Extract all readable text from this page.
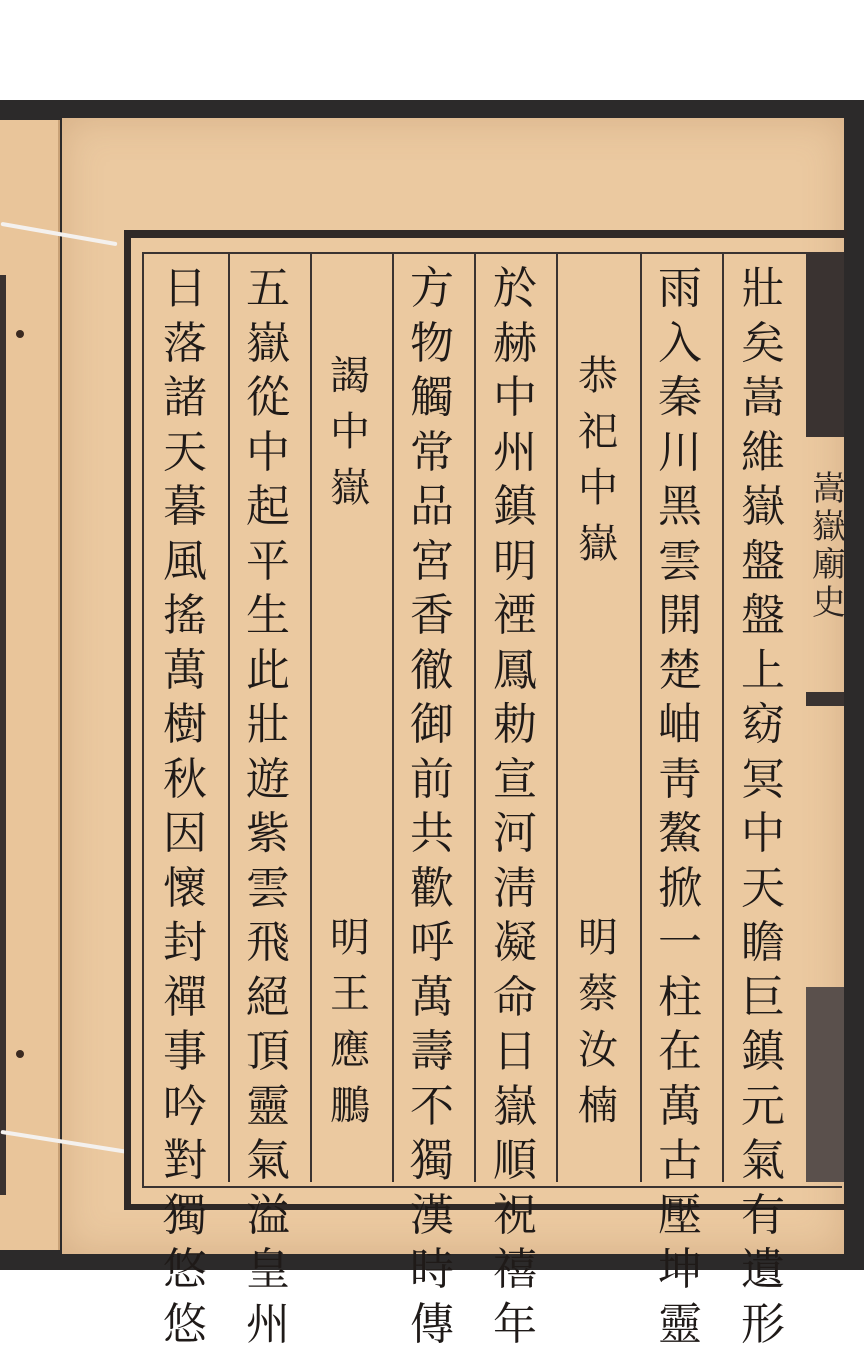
嵩嶽廟史
壯矣嵩維嶽盤盤上窈冥中天瞻巨鎮元氣有遺形
雨入秦川黑雲開楚岫靑鰲掀一柱在萬古壓坤靈
恭祀中嶽
明蔡汝楠
於赫中州鎮明禋鳳勅宣河淸凝命日嶽順祝禧年
方物觸常品宮香徹御前共歡呼萬壽不獨漢時傳
謁中嶽
明王應鵬
五嶽從中起平生此壯遊紫雲飛絕頂靈氣溢皇州
日落諸天暮風搖萬樹秋因懷封禪事吟對獨悠悠
